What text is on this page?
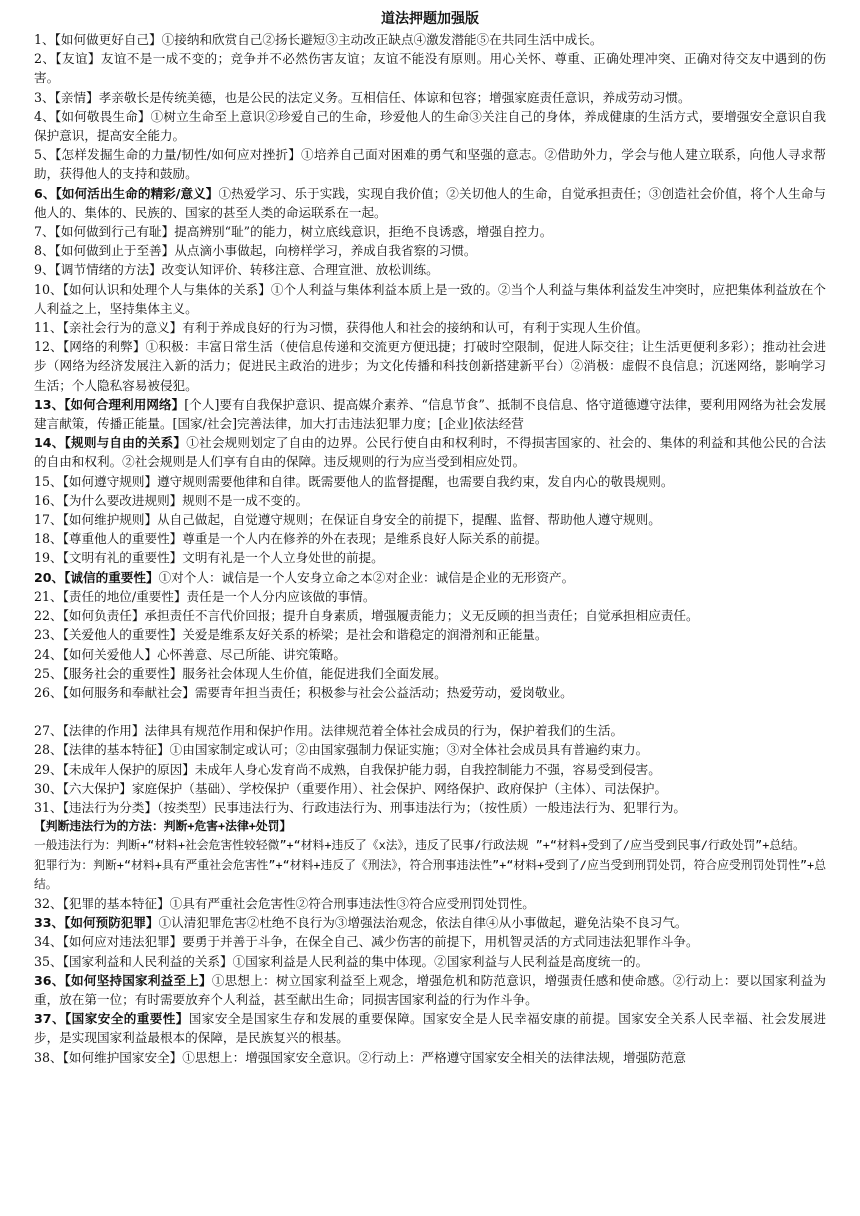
道法押题加强版
1、【如何做更好自己】①接纳和欣赏自己②扬长避短③主动改正缺点④激发潜能⑤在共同生活中成长。
2、【友谊】友谊不是一成不变的；竞争并不必然伤害友谊；友谊不能没有原则。用心关怀、尊重、正确处理冲突、正确对待交友中遇到的伤害。
3、【亲情】孝亲敬长是传统美德，也是公民的法定义务。互相信任、体谅和包容；增强家庭责任意识，养成劳动习惯。
4、【如何敬畏生命】①树立生命至上意识②珍爱自己的生命，珍爱他人的生命③关注自己的身体，养成健康的生活方式，要增强安全意识自我保护意识，提高安全能力。
5、【怎样发掘生命的力量/韧性/如何应对挫折】①培养自己面对困难的勇气和坚强的意志。②借助外力，学会与他人建立联系，向他人寻求帮助，获得他人的支持和鼓励。
6、【如何活出生命的精彩/意义】①热爱学习、乐于实践，实现自我价值；②关切他人的生命，自觉承担责任；③创造社会价值，将个人生命与他人的、集体的、民族的、国家的甚至人类的命运联系在一起。
7、【如何做到行己有耻】提高辨别“耻”的能力，树立底线意识，拒绝不良诱惑，增强自控力。
8、【如何做到止于至善】从点滴小事做起，向榜样学习，养成自我省察的习惯。
9、【调节情绪的方法】改变认知评价、转移注意、合理宣泄、放松训练。
10、【如何认识和处理个人与集体的关系】①个人利益与集体利益本质上是一致的。②当个人利益与集体利益发生冲突时，应把集体利益放在个人利益之上，坚持集体主义。
11、【亲社会行为的意义】有利于养成良好的行为习惯，获得他人和社会的接纳和认可，有利于实现人生价值。
12、【网络的利弊】①积极：丰富日常生活（使信息传递和交流更方便迅捷；打破时空限制，促进人际交往；让生活更便利多彩）；推动社会进步（网络为经济发展注入新的活力；促进民主政治的进步；为文化传播和科技创新搭建新平台）②消极：虚假不良信息；沉迷网络，影响学习生活；个人隐私容易被侵犯。
13、【如何合理利用网络】[个人]要有自我保护意识、提高媒介素养、“信息节食”、抵制不良信息、恪守道德遵守法律，要利用网络为社会发展建言献策，传播正能量。[国家/社会]完善法律，加大打击违法犯罪力度；[企业]依法经营
14、【规则与自由的关系】①社会规则划定了自由的边界。公民行使自由和权利时，不得损害国家的、社会的、集体的利益和其他公民的合法的自由和权利。②社会规则是人们享有自由的保障。违反规则的行为应当受到相应处罚。
15、【如何遵守规则】遵守规则需要他律和自律。既需要他人的监督提醒，也需要自我约束，发自内心的敬畏规则。
16、【为什么要改进规则】规则不是一成不变的。
17、【如何维护规则】从自己做起，自觉遵守规则；在保证自身安全的前提下，提醒、监督、帮助他人遵守规则。
18、【尊重他人的重要性】尊重是一个人内在修养的外在表现；是维系良好人际关系的前提。
19、【文明有礼的重要性】文明有礼是一个人立身处世的前提。
20、【诚信的重要性】①对个人：诚信是一个人安身立命之本②对企业：诚信是企业的无形资产。
21、【责任的地位/重要性】责任是一个人分内应该做的事情。
22、【如何负责任】承担责任不言代价回报；提升自身素质，增强履责能力；义无反顾的担当责任；自觉承担相应责任。
23、【关爱他人的重要性】关爱是维系友好关系的桥梁；是社会和谐稳定的润滑剂和正能量。
24、【如何关爱他人】心怀善意、尽己所能、讲究策略。
25、【服务社会的重要性】服务社会体现人生价值，能促进我们全面发展。
26、【如何服务和奉献社会】需要青年担当责任；积极参与社会公益活动；热爱劳动，爱岗敬业。
27、【法律的作用】法律具有规范作用和保护作用。法律规范着全体社会成员的行为，保护着我们的生活。
28、【法律的基本特征】①由国家制定或认可；②由国家强制力保证实施；③对全体社会成员具有普遍约束力。
29、【未成年人保护的原因】未成年人身心发育尚不成熟，自我保护能力弱，自我控制能力不强，容易受到侵害。
30、【六大保护】家庭保护（基础）、学校保护（重要作用）、社会保护、网络保护、政府保护（主体）、司法保护。
31、【违法行为分类】（按类型）民事违法行为、行政违法行为、刑事违法行为；（按性质）一般违法行为、犯罪行为。
【判断违法行为的方法：判断+危害+法律+处罚】
一般违法行为：判断+“材料+社会危害性较轻微”+“材料+违反了《x法》，违反了民事/行政法规 ”+“材料+受到了/应当受到民事/行政处罚”+总结。
犯罪行为：判断+“材料+具有严重社会危害性”+“材料+违反了《刑法》，符合刑事违法性”+“材料+受到了/应当受到刑罚处罚，符合应受刑罚处罚性”+总结。
32、【犯罪的基本特征】①具有严重社会危害性②符合刑事违法性③符合应受刑罚处罚性。
33、【如何预防犯罪】①认清犯罪危害②杜绝不良行为③增强法治观念，依法自律④从小事做起，避免沾染不良习气。
34、【如何应对违法犯罪】要勇于并善于斗争，在保全自己、减少伤害的前提下，用机智灵活的方式同违法犯罪作斗争。
35、【国家利益和人民利益的关系】①国家利益是人民利益的集中体现。②国家利益与人民利益是高度统一的。
36、【如何坚持国家利益至上】①思想上：树立国家利益至上观念，增强危机和防范意识，增强责任感和使命感。②行动上：要以国家利益为重，放在第一位；有时需要放弃个人利益，甚至献出生命；同损害国家利益的行为作斗争。
37、【国家安全的重要性】国家安全是国家生存和发展的重要保障。国家安全是人民幸福安康的前提。国家安全关系人民幸福、社会发展进步，是实现国家利益最根本的保障，是民族复兴的根基。
38、【如何维护国家安全】①思想上：增强国家安全意识。②行动上：严格遵守国家安全相关的法律法规，增强防范意
